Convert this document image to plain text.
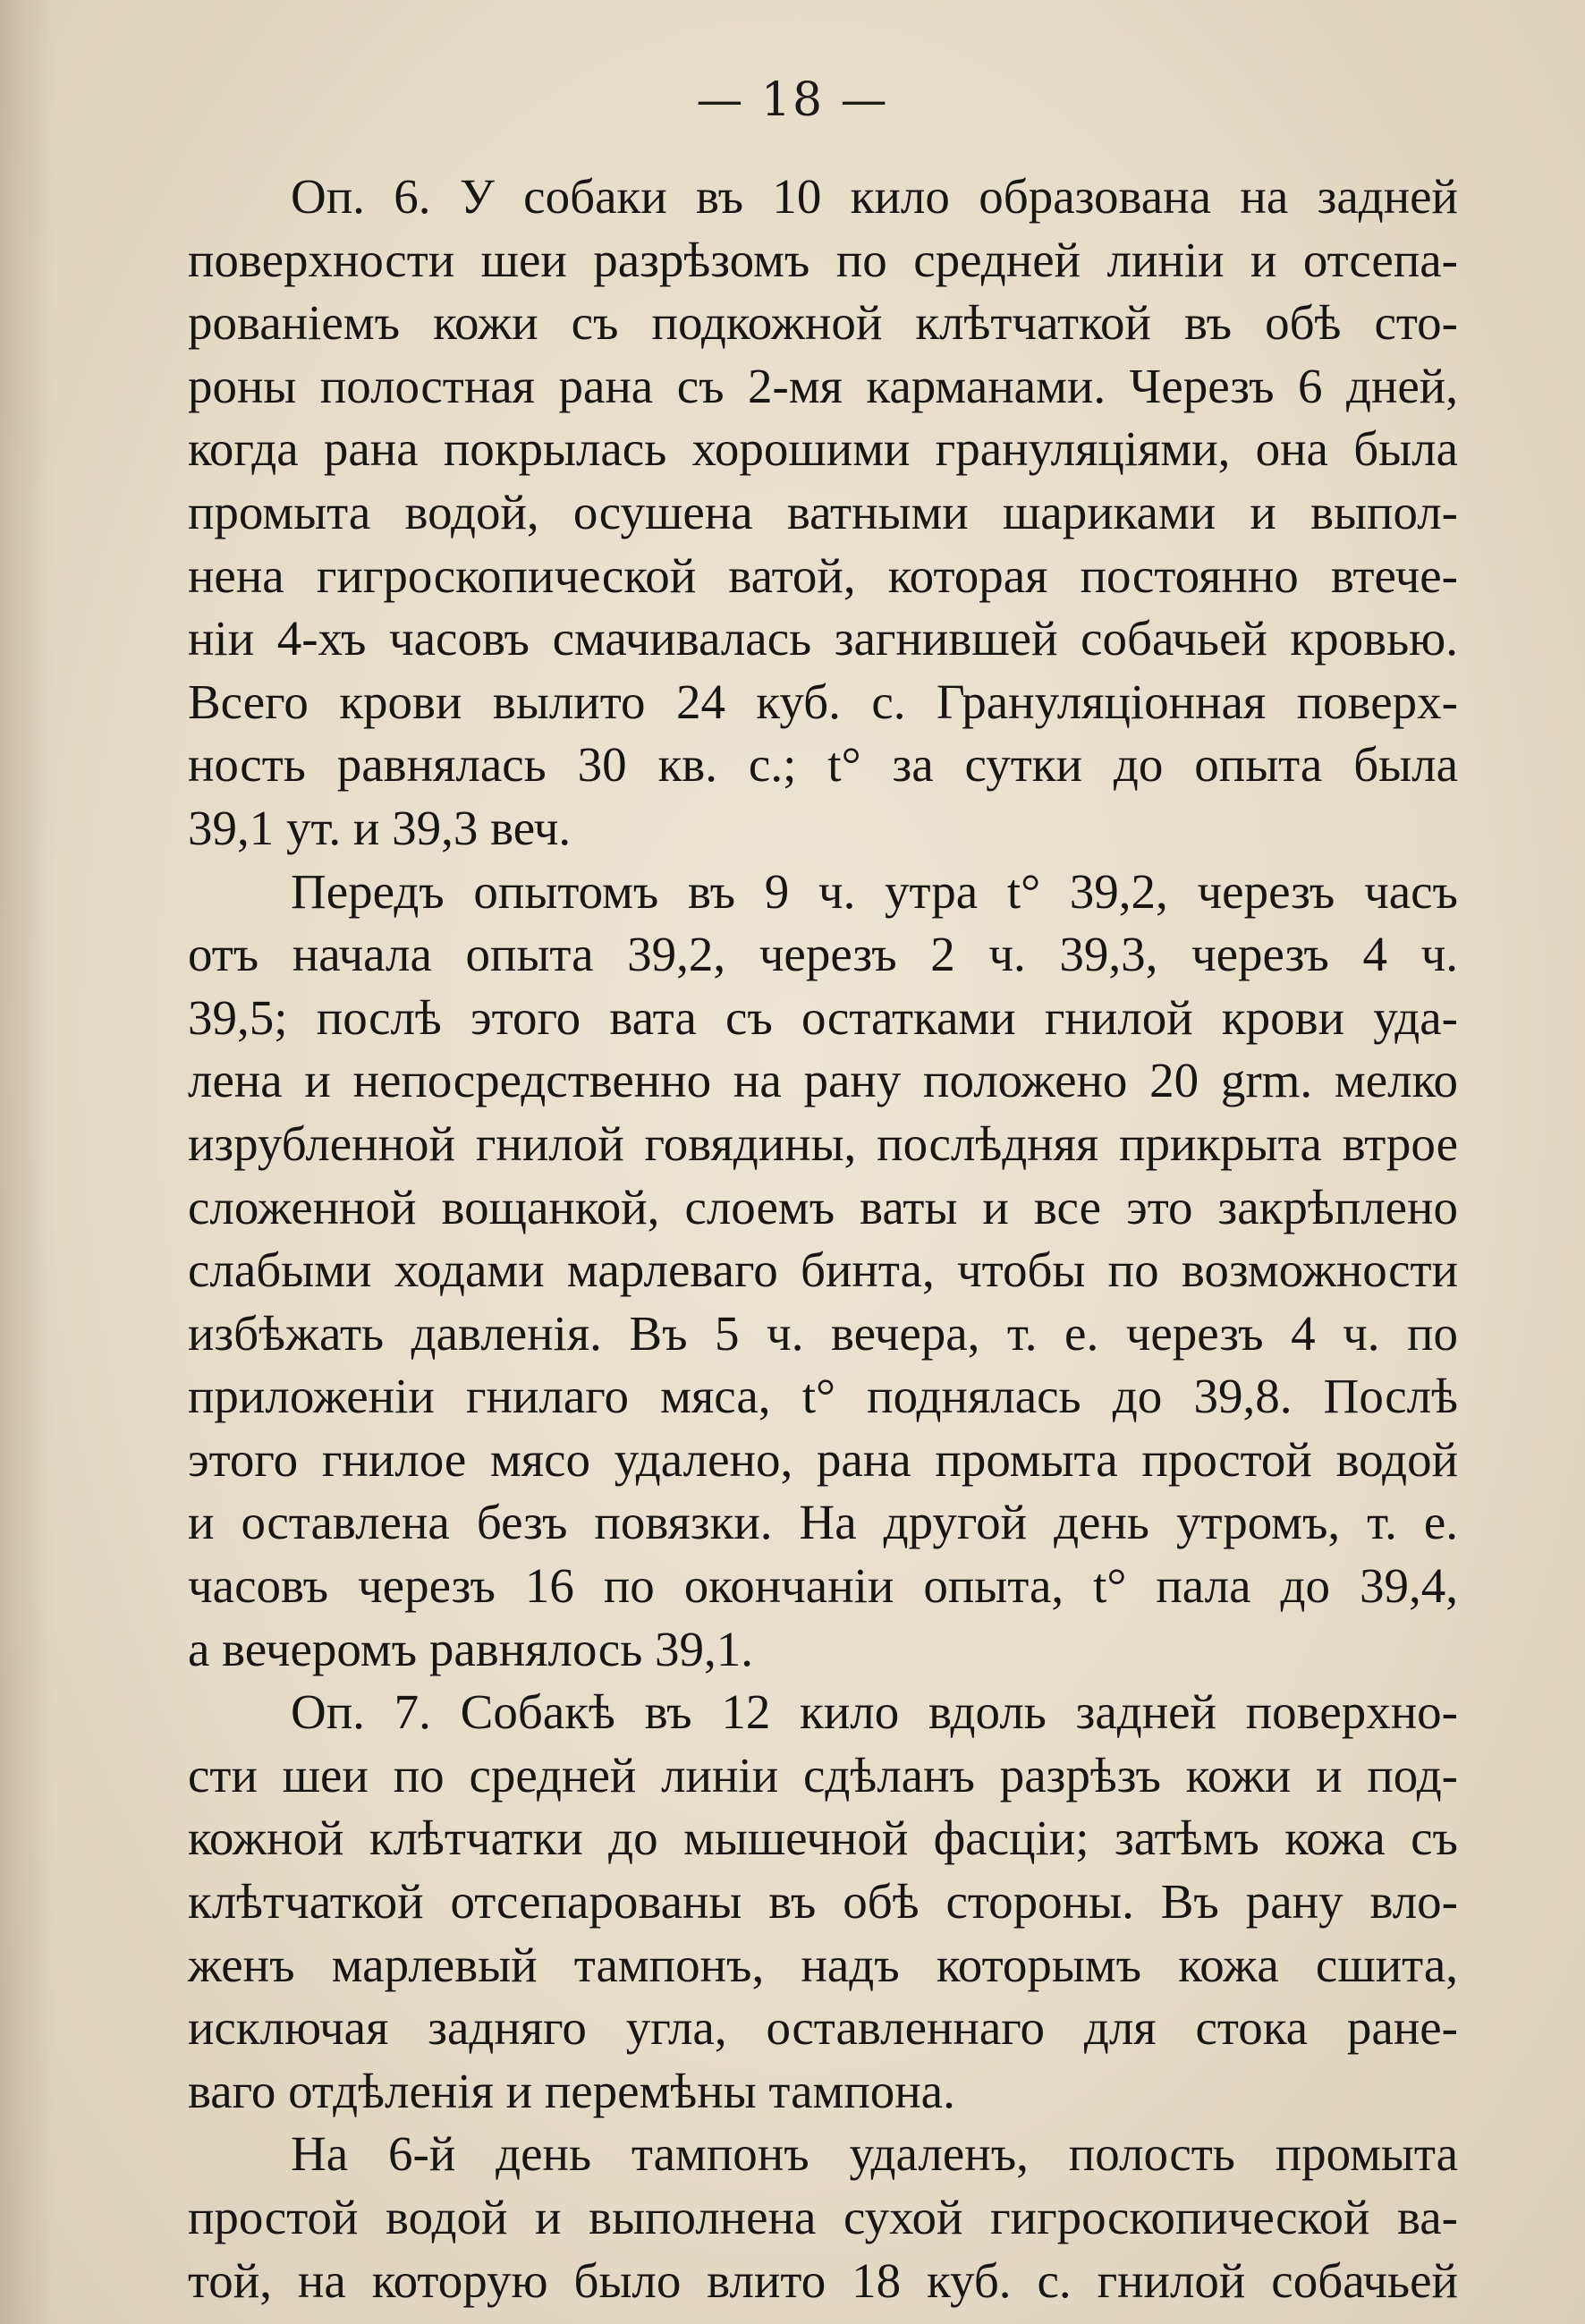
— 18 —
Оп. 6. У собаки въ 10 кило образована на задней
поверхности шеи разрѣзомъ по средней линiи и отсепа-
рованiемъ кожи съ подкожной клѣтчаткой въ обѣ сто-
роны полостная рана съ 2-мя карманами. Черезъ 6 дней,
когда рана покрылась хорошими грануляцiями, она была
промыта водой, осушена ватными шариками и выпол-
нена гигроскопической ватой, которая постоянно втече-
нiи 4-хъ часовъ смачивалась загнившей собачьей кровью.
Всего крови вылито 24 куб. с. Грануляцiонная поверх-
ность равнялась 30 кв. с.; t° за сутки до опыта была
39,1 ут. и 39,3 веч.
Передъ опытомъ въ 9 ч. утра t° 39,2, черезъ часъ
отъ начала опыта 39,2, черезъ 2 ч. 39,3, черезъ 4 ч.
39,5; послѣ этого вата съ остатками гнилой крови уда-
лена и непосредственно на рану положено 20 grm. мелко
изрубленной гнилой говядины, послѣдняя прикрыта втрое
сложенной вощанкой, слоемъ ваты и все это закрѣплено
слабыми ходами марлеваго бинта, чтобы по возможности
избѣжать давленiя. Въ 5 ч. вечера, т. е. черезъ 4 ч. по
приложенiи гнилаго мяса, t° поднялась до 39,8. Послѣ
этого гнилое мясо удалено, рана промыта простой водой
и оставлена безъ повязки. На другой день утромъ, т. е.
часовъ черезъ 16 по окончанiи опыта, t° пала до 39,4,
а вечеромъ равнялось 39,1.
Оп. 7. Собакѣ въ 12 кило вдоль задней поверхно-
сти шеи по средней линiи сдѣланъ разрѣзъ кожи и под-
кожной клѣтчатки до мышечной фасцiи; затѣмъ кожа съ
клѣтчаткой отсепарованы въ обѣ стороны. Въ рану вло-
женъ марлевый тампонъ, надъ которымъ кожа сшита,
исключая задняго угла, оставленнаго для стока ране-
ваго отдѣленiя и перемѣны тампона.
На 6-й день тампонъ удаленъ, полость промыта
простой водой и выполнена сухой гигроскопической ва-
той, на которую было влито 18 куб. с. гнилой собачьей
